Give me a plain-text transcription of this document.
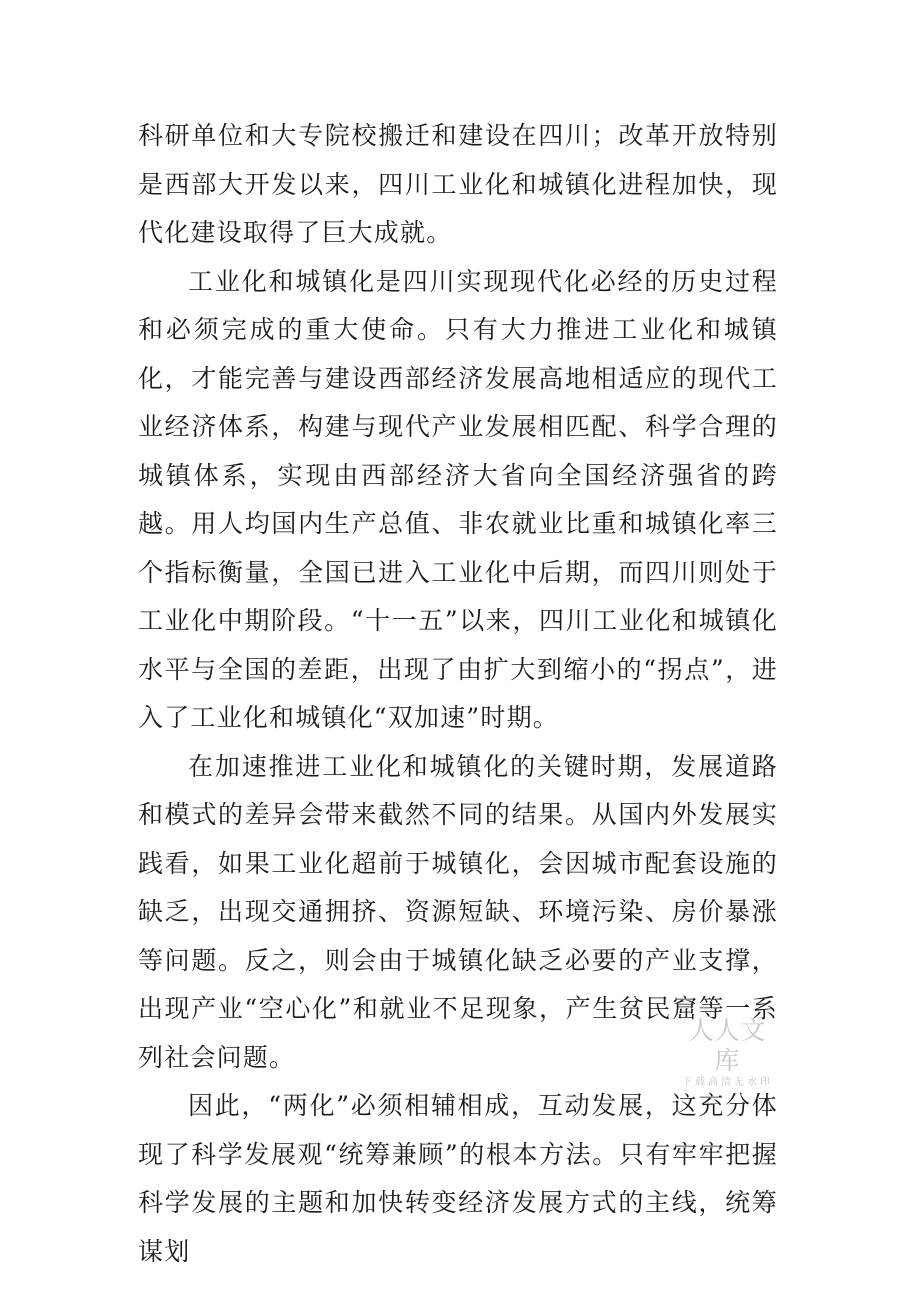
科研单位和大专院校搬迁和建设在四川；改革开放特别是西部大开发以来，四川工业化和城镇化进程加快，现代化建设取得了巨大成就。

工业化和城镇化是四川实现现代化必经的历史过程和必须完成的重大使命。只有大力推进工业化和城镇化，才能完善与建设西部经济发展高地相适应的现代工业经济体系，构建与现代产业发展相匹配、科学合理的城镇体系，实现由西部经济大省向全国经济强省的跨越。用人均国内生产总值、非农就业比重和城镇化率三个指标衡量，全国已进入工业化中后期，而四川则处于工业化中期阶段。“十一五”以来，四川工业化和城镇化水平与全国的差距，出现了由扩大到缩小的“拐点”，进入了工业化和城镇化“双加速”时期。

在加速推进工业化和城镇化的关键时期，发展道路和模式的差异会带来截然不同的结果。从国内外发展实践看，如果工业化超前于城镇化，会因城市配套设施的缺乏，出现交通拥挤、资源短缺、环境污染、房价暴涨等问题。反之，则会由于城镇化缺乏必要的产业支撑，出现产业“空心化”和就业不足现象，产生贫民窟等一系列社会问题。

因此，“两化”必须相辅相成，互动发展，这充分体现了科学发展观“统筹兼顾”的根本方法。只有牢牢把握科学发展的主题和加快转变经济发展方式的主线，统筹谋划

人人文库
下载高清无水印
